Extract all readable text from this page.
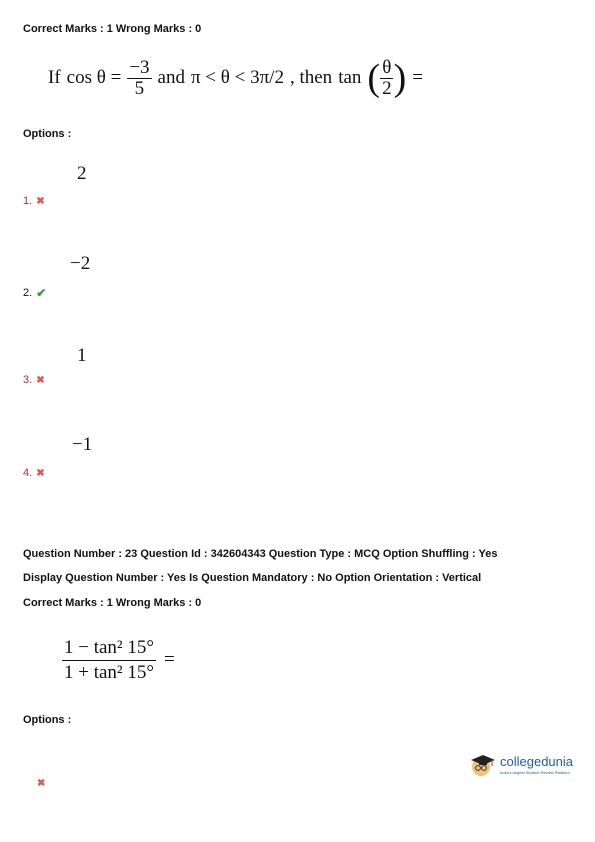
Correct Marks : 1 Wrong Marks : 0
If $\cos \theta = \frac{-3}{5}$ and π < θ < 3π/2 , then tan ( $\frac{\theta}{2}$ ) =
Options :
2
1. ✖
−2
2. ✔
1
3. ✖
−1
4. ✖
Question Number : 23 Question Id : 342604343 Question Type : MCQ Option Shuffling : Yes
Display Question Number : Yes Is Question Mandatory : No Option Orientation : Vertical
Correct Marks : 1 Wrong Marks : 0
$\frac{\text{1 − tan² 15°}}{\text{1 + tan² 15°}}$ =
Options :
✖
collegedunia
India's largest Student Review Platform
